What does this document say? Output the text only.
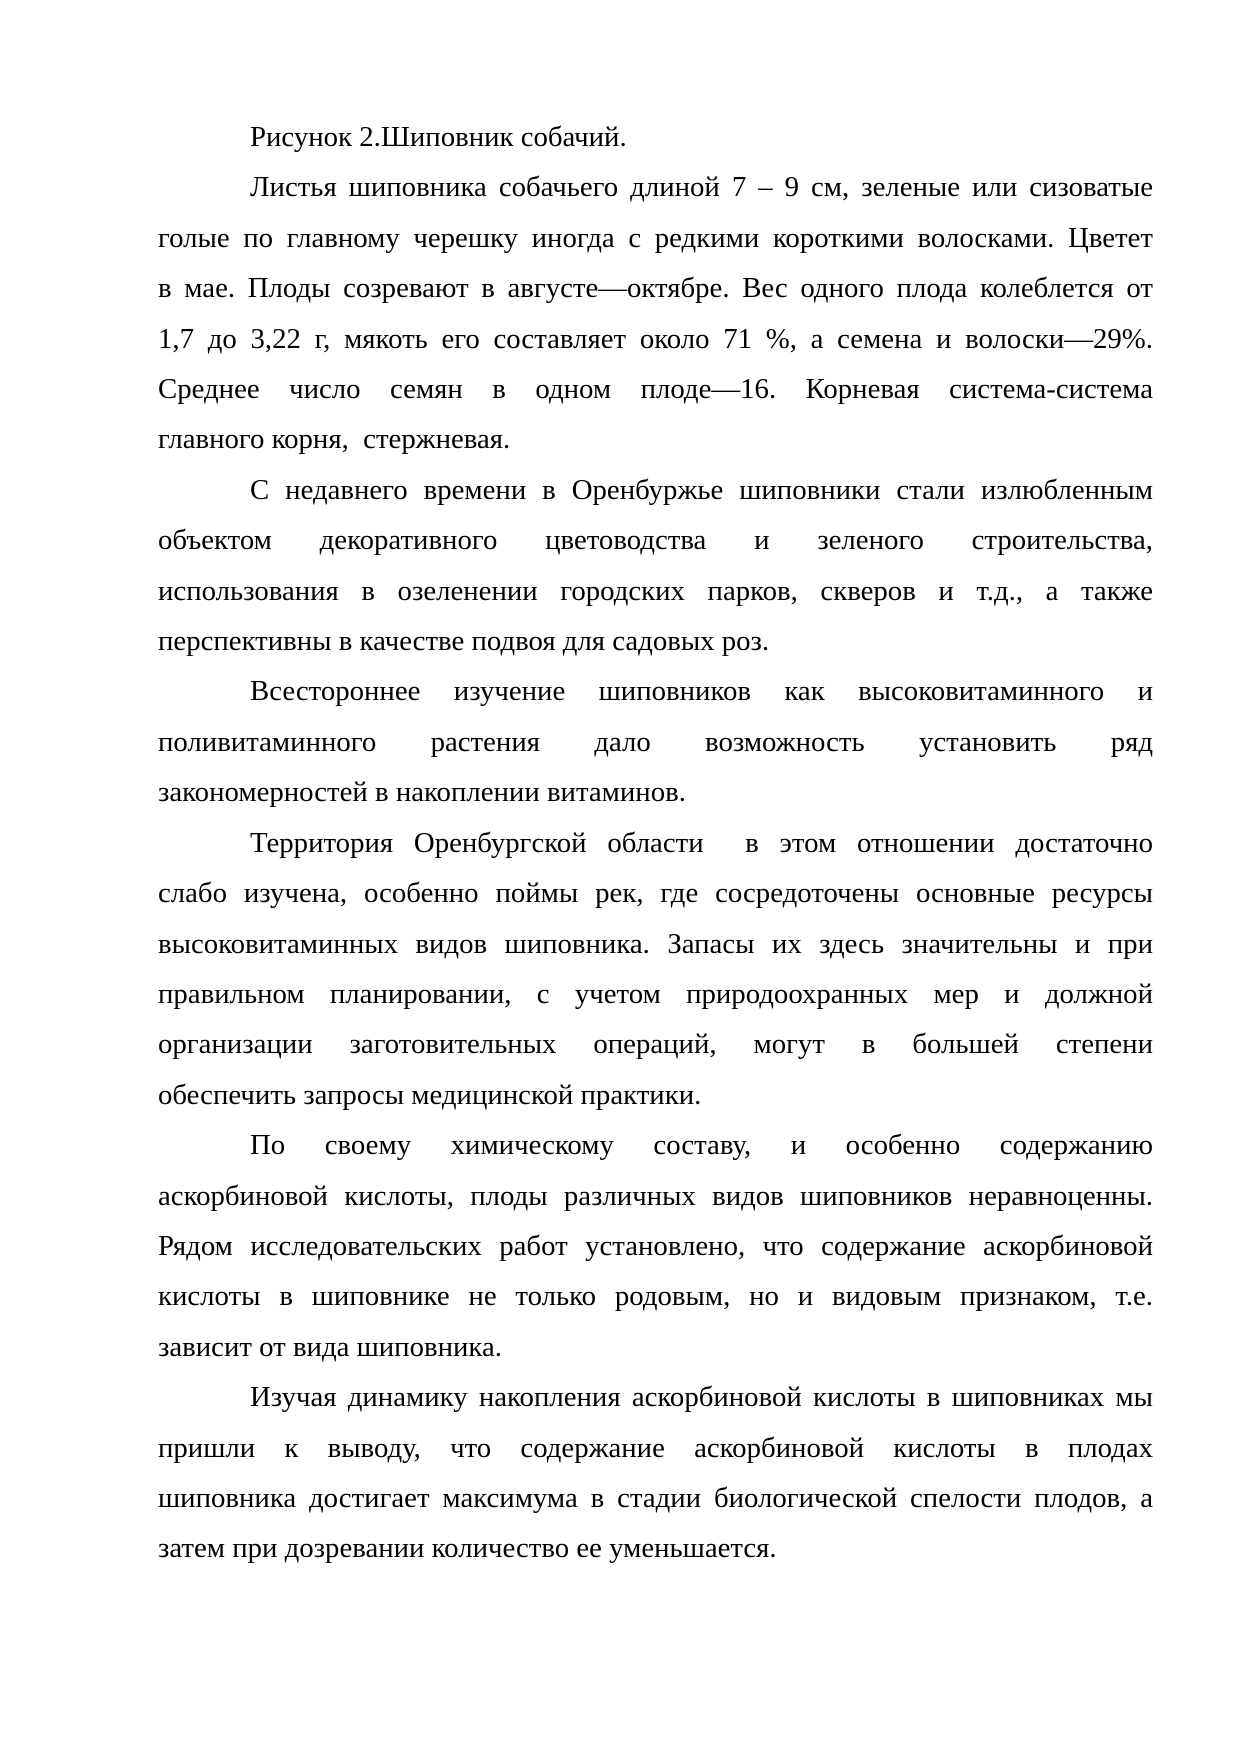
Рисунок 2.Шиповник собачий.
Листья шиповника собачьего длиной 7 – 9 см, зеленые или сизоватые
голые по главному черешку иногда с редкими короткими волосками. Цветет
в мае. Плоды созревают в августе—октябре. Вес одного плода колеблется от
1,7 до 3,22 г, мякоть его составляет около 71 %, а семена и волоски—29%.
Среднее число семян в одном плоде—16. Корневая система-система
главного корня,  стержневая.
С недавнего времени в Оренбуржье шиповники стали излюбленным
объектом декоративного цветоводства и зеленого строительства,
использования в озеленении городских парков, скверов и т.д., а также
перспективны в качестве подвоя для садовых роз.
Всестороннее изучение шиповников как высоковитаминного и
поливитаминного растения дало возможность установить ряд
закономерностей в накоплении витаминов.
Территория Оренбургской области  в этом отношении достаточно
слабо изучена, особенно поймы рек, где сосредоточены основные ресурсы
высоковитаминных видов шиповника. Запасы их здесь значительны и при
правильном планировании, с учетом природоохранных мер и должной
организации заготовительных операций, могут в большей степени
обеспечить запросы медицинской практики.
По своему химическому составу, и особенно содержанию
аскорбиновой кислоты, плоды различных видов шиповников неравноценны.
Рядом исследовательских работ установлено, что содержание аскорбиновой
кислоты в шиповнике не только родовым, но и видовым признаком, т.е.
зависит от вида шиповника.
Изучая динамику накопления аскорбиновой кислоты в шиповниках мы
пришли к выводу, что содержание аскорбиновой кислоты в плодах
шиповника достигает максимума в стадии биологической спелости плодов, а
затем при дозревании количество ее уменьшается.
